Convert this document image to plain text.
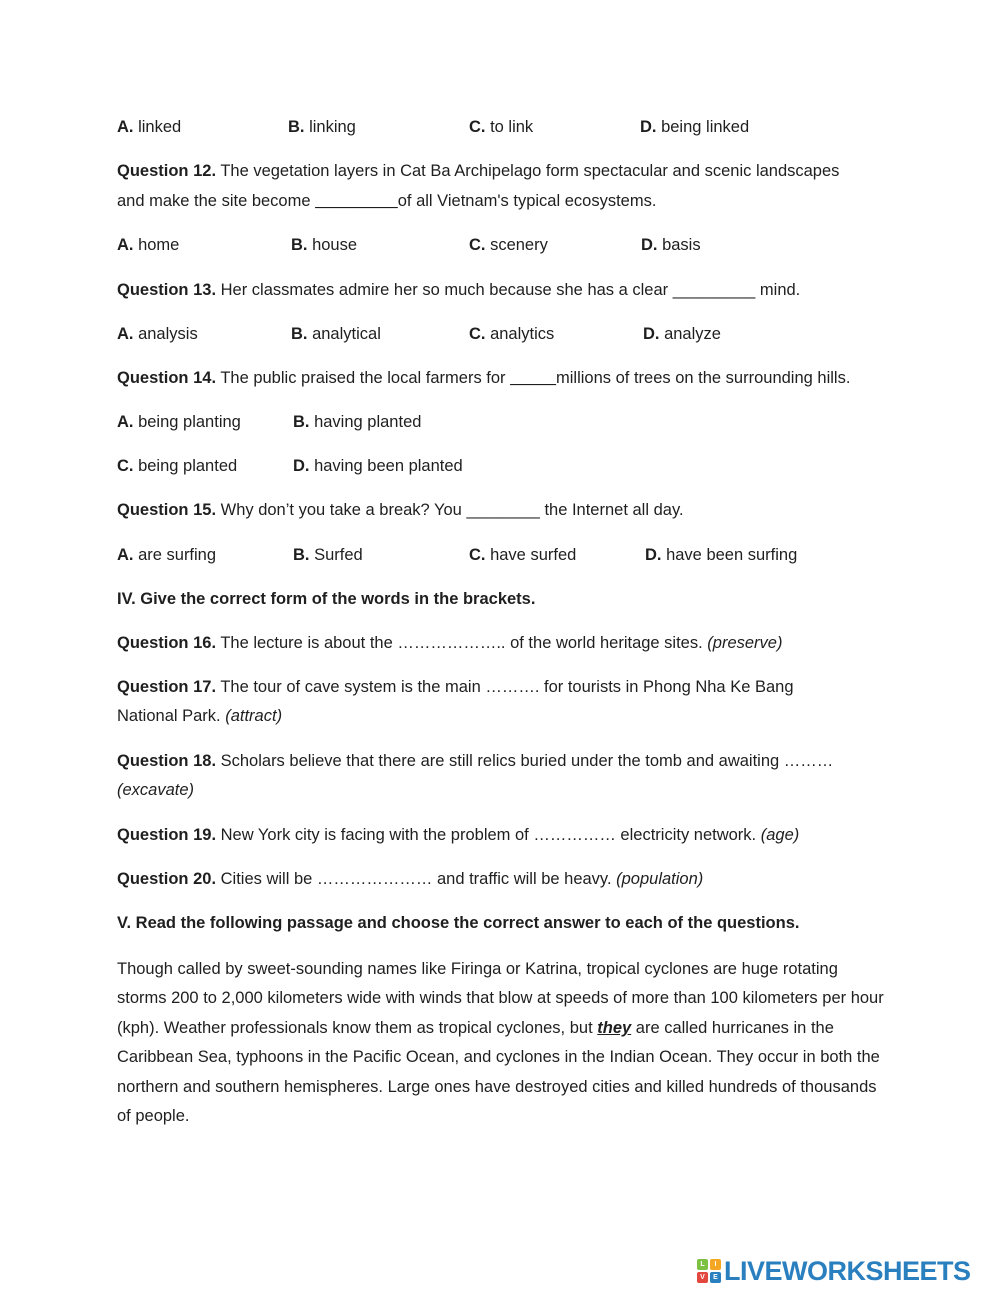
A. linked	B. linking	C. to link	D. being linked
Question 12. The vegetation layers in Cat Ba Archipelago form spectacular and scenic landscapes
and make the site become _________of all Vietnam's typical ecosystems.
A. home	B. house	C. scenery	D. basis
Question 13. Her classmates admire her so much because she has a clear _________ mind.
A. analysis	B. analytical	C. analytics	D. analyze
Question 14. The public praised the local farmers for _____millions of trees on the surrounding hills.
A. being planting	B. having planted
C. being planted	D. having been planted
Question 15. Why don’t you take a break? You ________ the Internet all day.
A. are surfing	B. Surfed	C. have surfed	D. have been surfing
IV. Give the correct form of the words in the brackets.
Question 16. The lecture is about the ……………….. of the world heritage sites. (preserve)
Question 17. The tour of cave system is the main ………. for tourists in Phong Nha Ke Bang
National Park. (attract)
Question 18. Scholars believe that there are still relics buried under the tomb and awaiting ………
(excavate)
Question 19. New York city is facing with the problem of …………… electricity network. (age)
Question 20. Cities will be ………………… and traffic will be heavy. (population)
V. Read the following passage and choose the correct answer to each of the questions.
Though called by sweet-sounding names like Firinga or Katrina, tropical cyclones are huge rotating storms 200 to 2,000 kilometers wide with winds that blow at speeds of more than 100 kilometers per hour (kph). Weather professionals know them as tropical cyclones, but they are called hurricanes in the Caribbean Sea, typhoons in the Pacific Ocean, and cyclones in the Indian Ocean. They occur in both the northern and southern hemispheres. Large ones have destroyed cities and killed hundreds of thousands of people.
L	I
V	E LIVEWORKSHEETS
